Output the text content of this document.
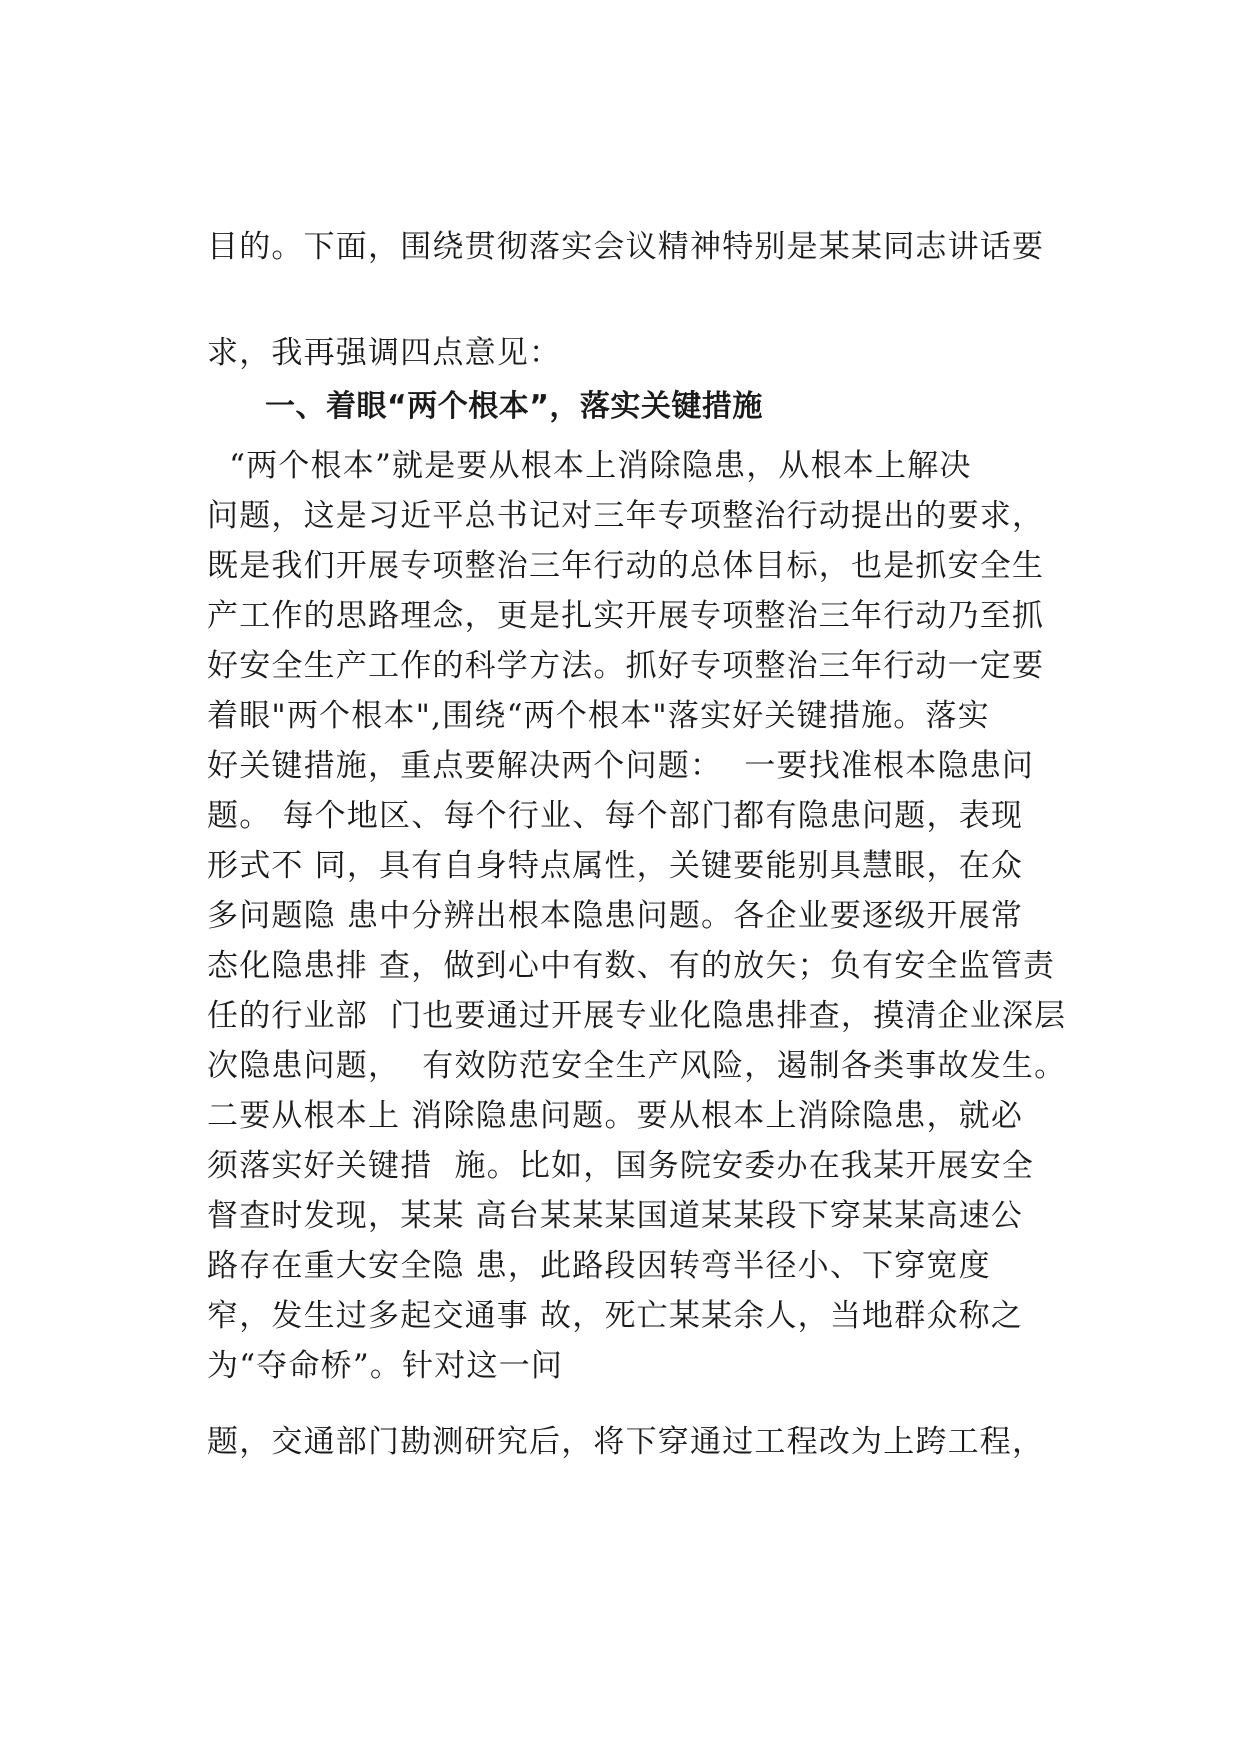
目的。下面，围绕贯彻落实会议精神特别是某某同志讲话要
求，我再强调四点意见：
一、着眼“两个根本”，落实关键措施
“两个根本”就是要从根本上消除隐患，从根本上解决
问题，这是习近平总书记对三年专项整治行动提出的要求，
既是我们开展专项整治三年行动的总体目标，也是抓安全生
产工作的思路理念，更是扎实开展专项整治三年行动乃至抓
好安全生产工作的科学方法。抓好专项整治三年行动一定要
着眼"两个根本",围绕“两个根本"落实好关键措施。落实
好关键措施，重点要解决两个问题：  一要找准根本隐患问
题。 每个地区、每个行业、每个部门都有隐患问题，表现
形式不 同，具有自身特点属性，关键要能别具慧眼，在众
多问题隐 患中分辨出根本隐患问题。各企业要逐级开展常
态化隐患排 查，做到心中有数、有的放矢；负有安全监管责
任的行业部  门也要通过开展专业化隐患排查，摸清企业深层
次隐患问题，  有效防范安全生产风险，遏制各类事故发生。
二要从根本上 消除隐患问题。要从根本上消除隐患，就必
须落实好关键措  施。比如，国务院安委办在我某开展安全
督查时发现，某某 高台某某某国道某某段下穿某某高速公
路存在重大安全隐 患，此路段因转弯半径小、下穿宽度
窄，发生过多起交通事 故，死亡某某余人，当地群众称之
为“夺命桥”。针对这一问
题，交通部门勘测研究后，将下穿通过工程改为上跨工程，
